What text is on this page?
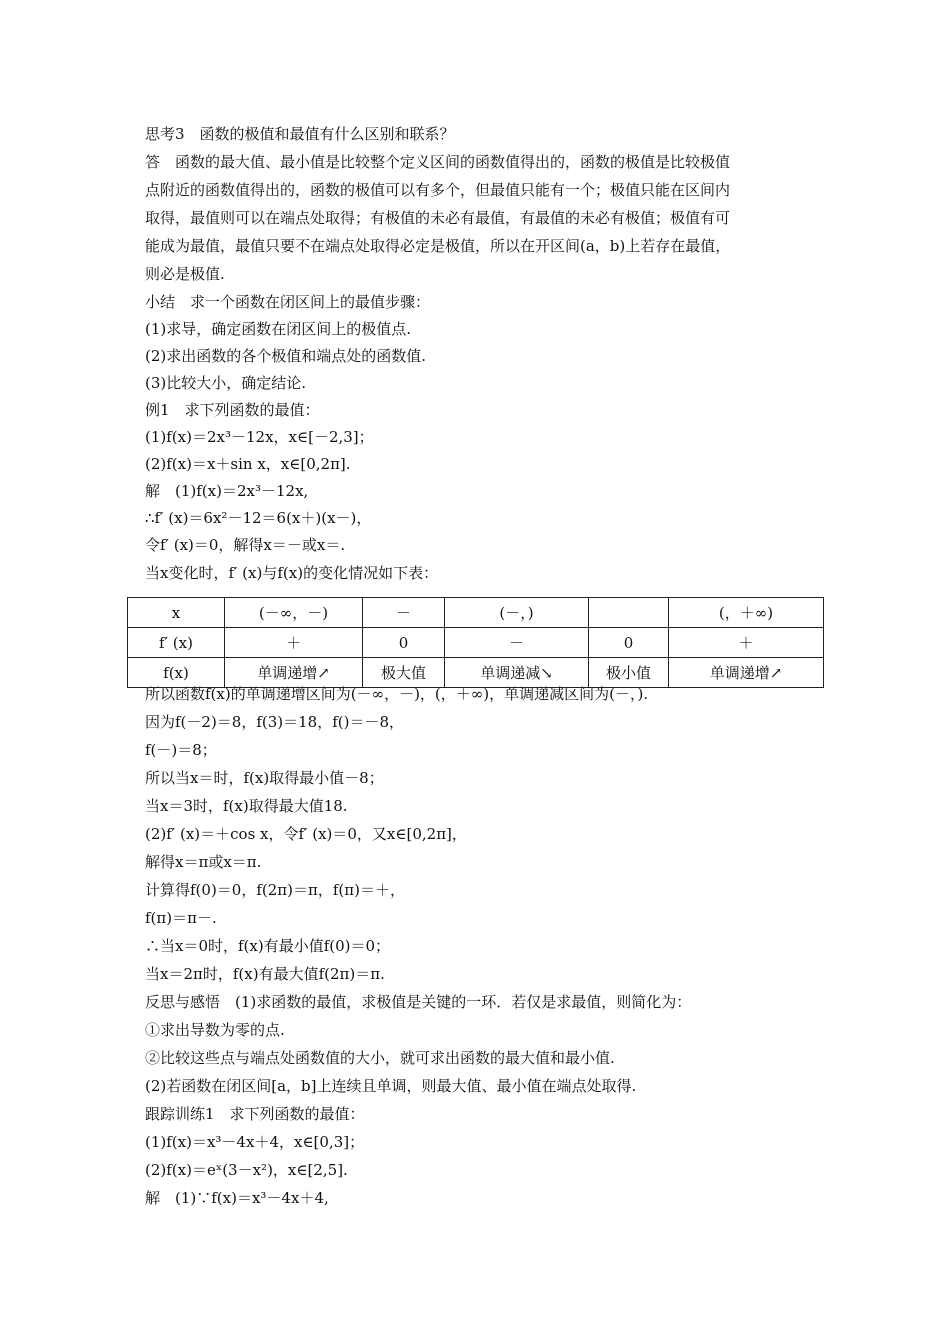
思考3　函数的极值和最值有什么区别和联系？
答　函数的最大值、最小值是比较整个定义区间的函数值得出的，函数的极值是比较极值
点附近的函数值得出的，函数的极值可以有多个，但最值只能有一个；极值只能在区间内
取得，最值则可以在端点处取得；有极值的未必有最值，有最值的未必有极值；极值有可
能成为最值，最值只要不在端点处取得必定是极值，所以在开区间(a，b)上若存在最值，
则必是极值.
小结　求一个函数在闭区间上的最值步骤：
(1)求导，确定函数在闭区间上的极值点.
(2)求出函数的各个极值和端点处的函数值.
(3)比较大小，确定结论.
例1　求下列函数的最值：
(1)f(x)＝2x³－12x，x∈[－2,3]；
(2)f(x)＝x＋sin x，x∈[0,2π].
解　(1)f(x)＝2x³－12x,
∴f′ (x)＝6x²－12＝6(x＋)(x－)，
令f′ (x)＝0，解得x＝－或x＝.
当x变化时，f′ (x)与f(x)的变化情况如下表：
所以函数f(x)的单调递增区间为(－∞，－)，(，＋∞)，单调递减区间为(－，).
因为f(－2)＝8，f(3)＝18，f()＝－8，
f(－)＝8；
所以当x＝时，f(x)取得最小值－8；
当x＝3时，f(x)取得最大值18.
(2)f′ (x)＝＋cos x，令f′ (x)＝0，又x∈[0,2π]，
解得x＝π或x＝π.
计算得f(0)＝0，f(2π)＝π，f(π)＝＋，
f(π)＝π－.
∴当x＝0时，f(x)有最小值f(0)＝0；
当x＝2π时，f(x)有最大值f(2π)＝π.
反思与感悟　(1)求函数的最值，求极值是关键的一环．若仅是求最值，则简化为：
①求出导数为零的点.
②比较这些点与端点处函数值的大小，就可求出函数的最大值和最小值.
(2)若函数在闭区间[a，b]上连续且单调，则最大值、最小值在端点处取得.
跟踪训练1　求下列函数的最值：
(1)f(x)＝x³－4x＋4，x∈[0,3]；
(2)f(x)＝eˣ(3－x²)，x∈[2,5].
解　(1)∵f(x)＝x³－4x＋4,
x	(－∞，－)	－	(－，)		(，＋∞)
f′ (x)	＋	0	－	0	＋
f(x)	单调递增↗	极大值	单调递减↘	极小值	单调递增↗
